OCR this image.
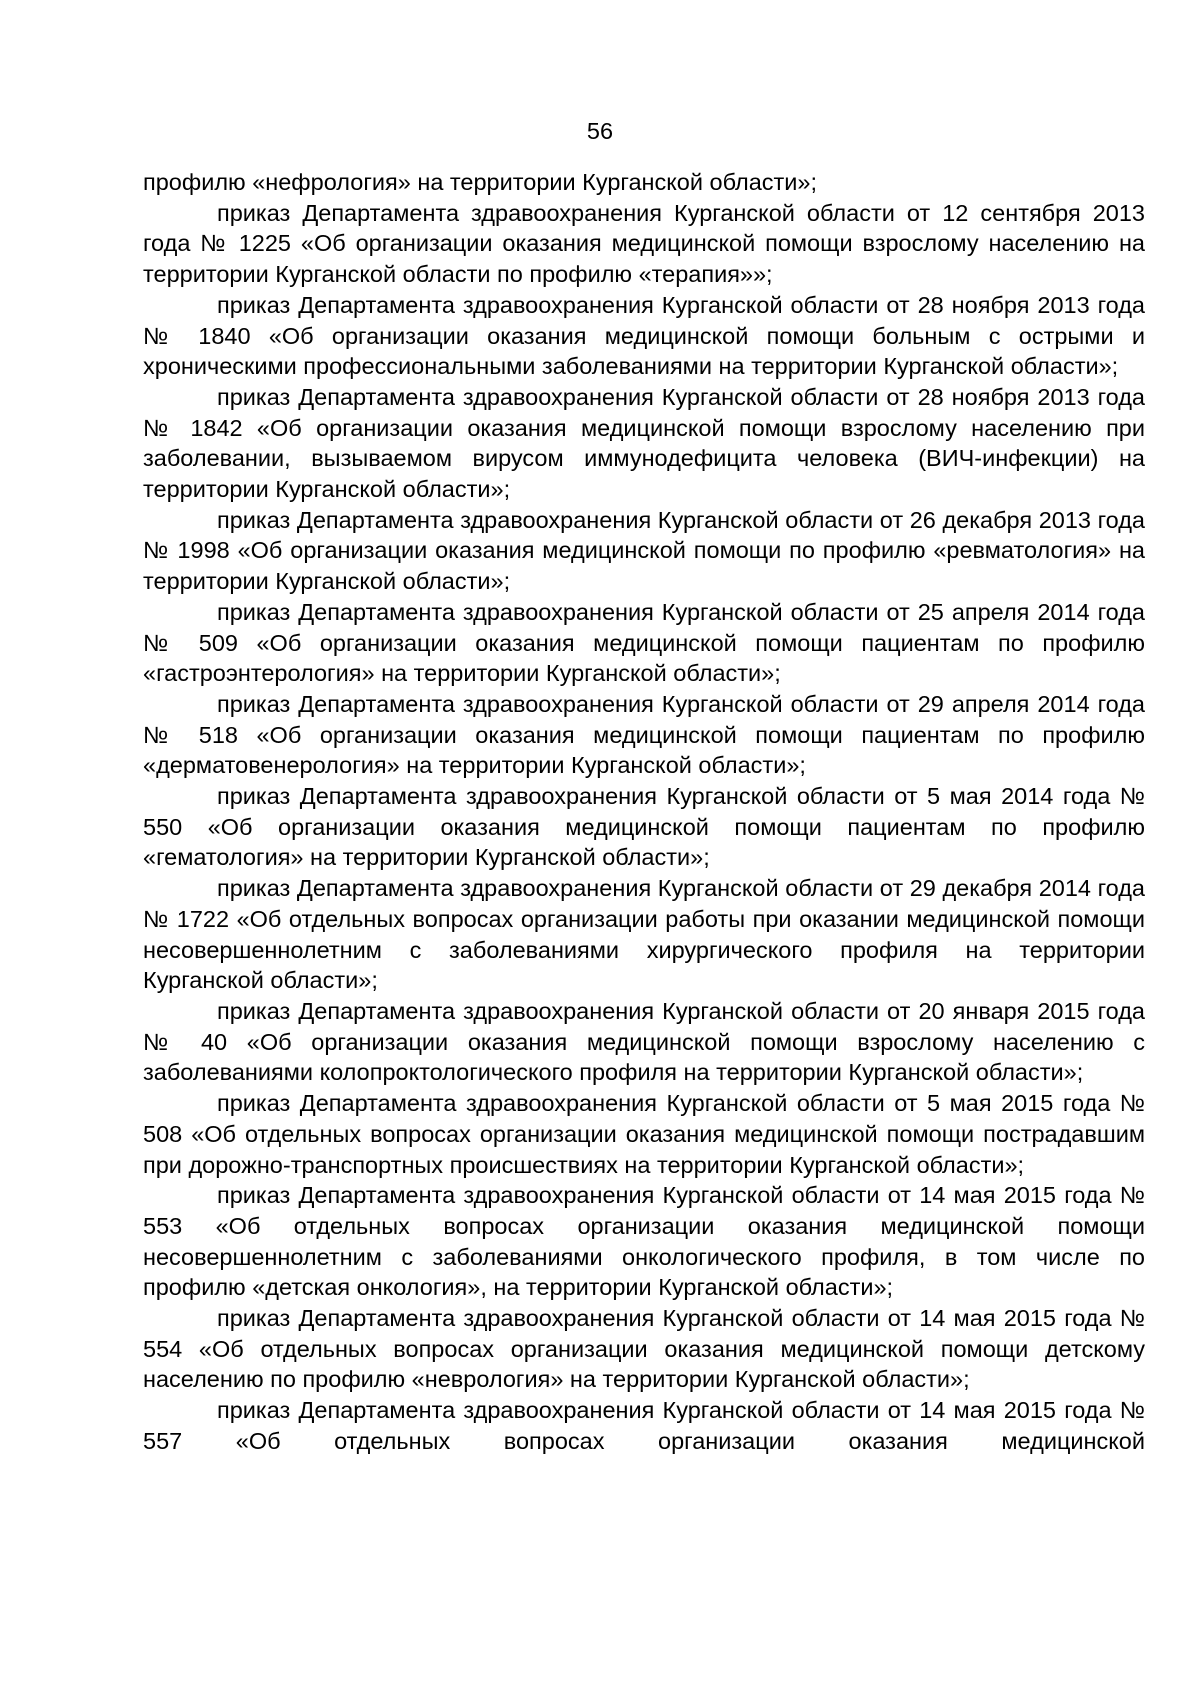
56

профилю «нефрология» на территории Курганской области»;

приказ Департамента здравоохранения Курганской области от 12 сентября 2013 года № 1225 «Об организации оказания медицинской помощи взрослому населению на территории Курганской области по профилю «терапия»»;

приказ Департамента здравоохранения Курганской области от 28 ноября 2013 года № 1840 «Об организации оказания медицинской помощи больным с острыми и хроническими профессиональными заболеваниями на территории Курганской области»;

приказ Департамента здравоохранения Курганской области от 28 ноября 2013 года № 1842 «Об организации оказания медицинской помощи взрослому населению при заболевании, вызываемом вирусом иммунодефицита человека (ВИЧ-инфекции) на территории Курганской области»;

приказ Департамента здравоохранения Курганской области от 26 декабря 2013 года № 1998 «Об организации оказания медицинской помощи по профилю «ревматология» на территории Курганской области»;

приказ Департамента здравоохранения Курганской области от 25 апреля 2014 года № 509 «Об организации оказания медицинской помощи пациентам по профилю «гастроэнтерология» на территории Курганской области»;

приказ Департамента здравоохранения Курганской области от 29 апреля 2014 года № 518 «Об организации оказания медицинской помощи пациентам по профилю «дерматовенерология» на территории Курганской области»;

приказ Департамента здравоохранения Курганской области от 5 мая 2014 года № 550 «Об организации оказания медицинской помощи пациентам по профилю «гематология» на территории Курганской области»;

приказ Департамента здравоохранения Курганской области от 29 декабря 2014 года № 1722 «Об отдельных вопросах организации работы при оказании медицинской помощи несовершеннолетним с заболеваниями хирургического профиля на территории Курганской области»;

приказ Департамента здравоохранения Курганской области от 20 января 2015 года № 40 «Об организации оказания медицинской помощи взрослому населению с заболеваниями колопроктологического профиля на территории Курганской области»;

приказ Департамента здравоохранения Курганской области от 5 мая 2015 года № 508 «Об отдельных вопросах организации оказания медицинской помощи пострадавшим при дорожно-транспортных происшествиях на территории Курганской области»;

приказ Департамента здравоохранения Курганской области от 14 мая 2015 года № 553 «Об отдельных вопросах организации оказания медицинской помощи несовершеннолетним с заболеваниями онкологического профиля, в том числе по профилю «детская онкология», на территории Курганской области»;

приказ Департамента здравоохранения Курганской области от 14 мая 2015 года № 554 «Об отдельных вопросах организации оказания медицинской помощи детскому населению по профилю «неврология» на территории Курганской области»;

приказ Департамента здравоохранения Курганской области от 14 мая 2015 года № 557 «Об отдельных вопросах организации оказания медицинской
